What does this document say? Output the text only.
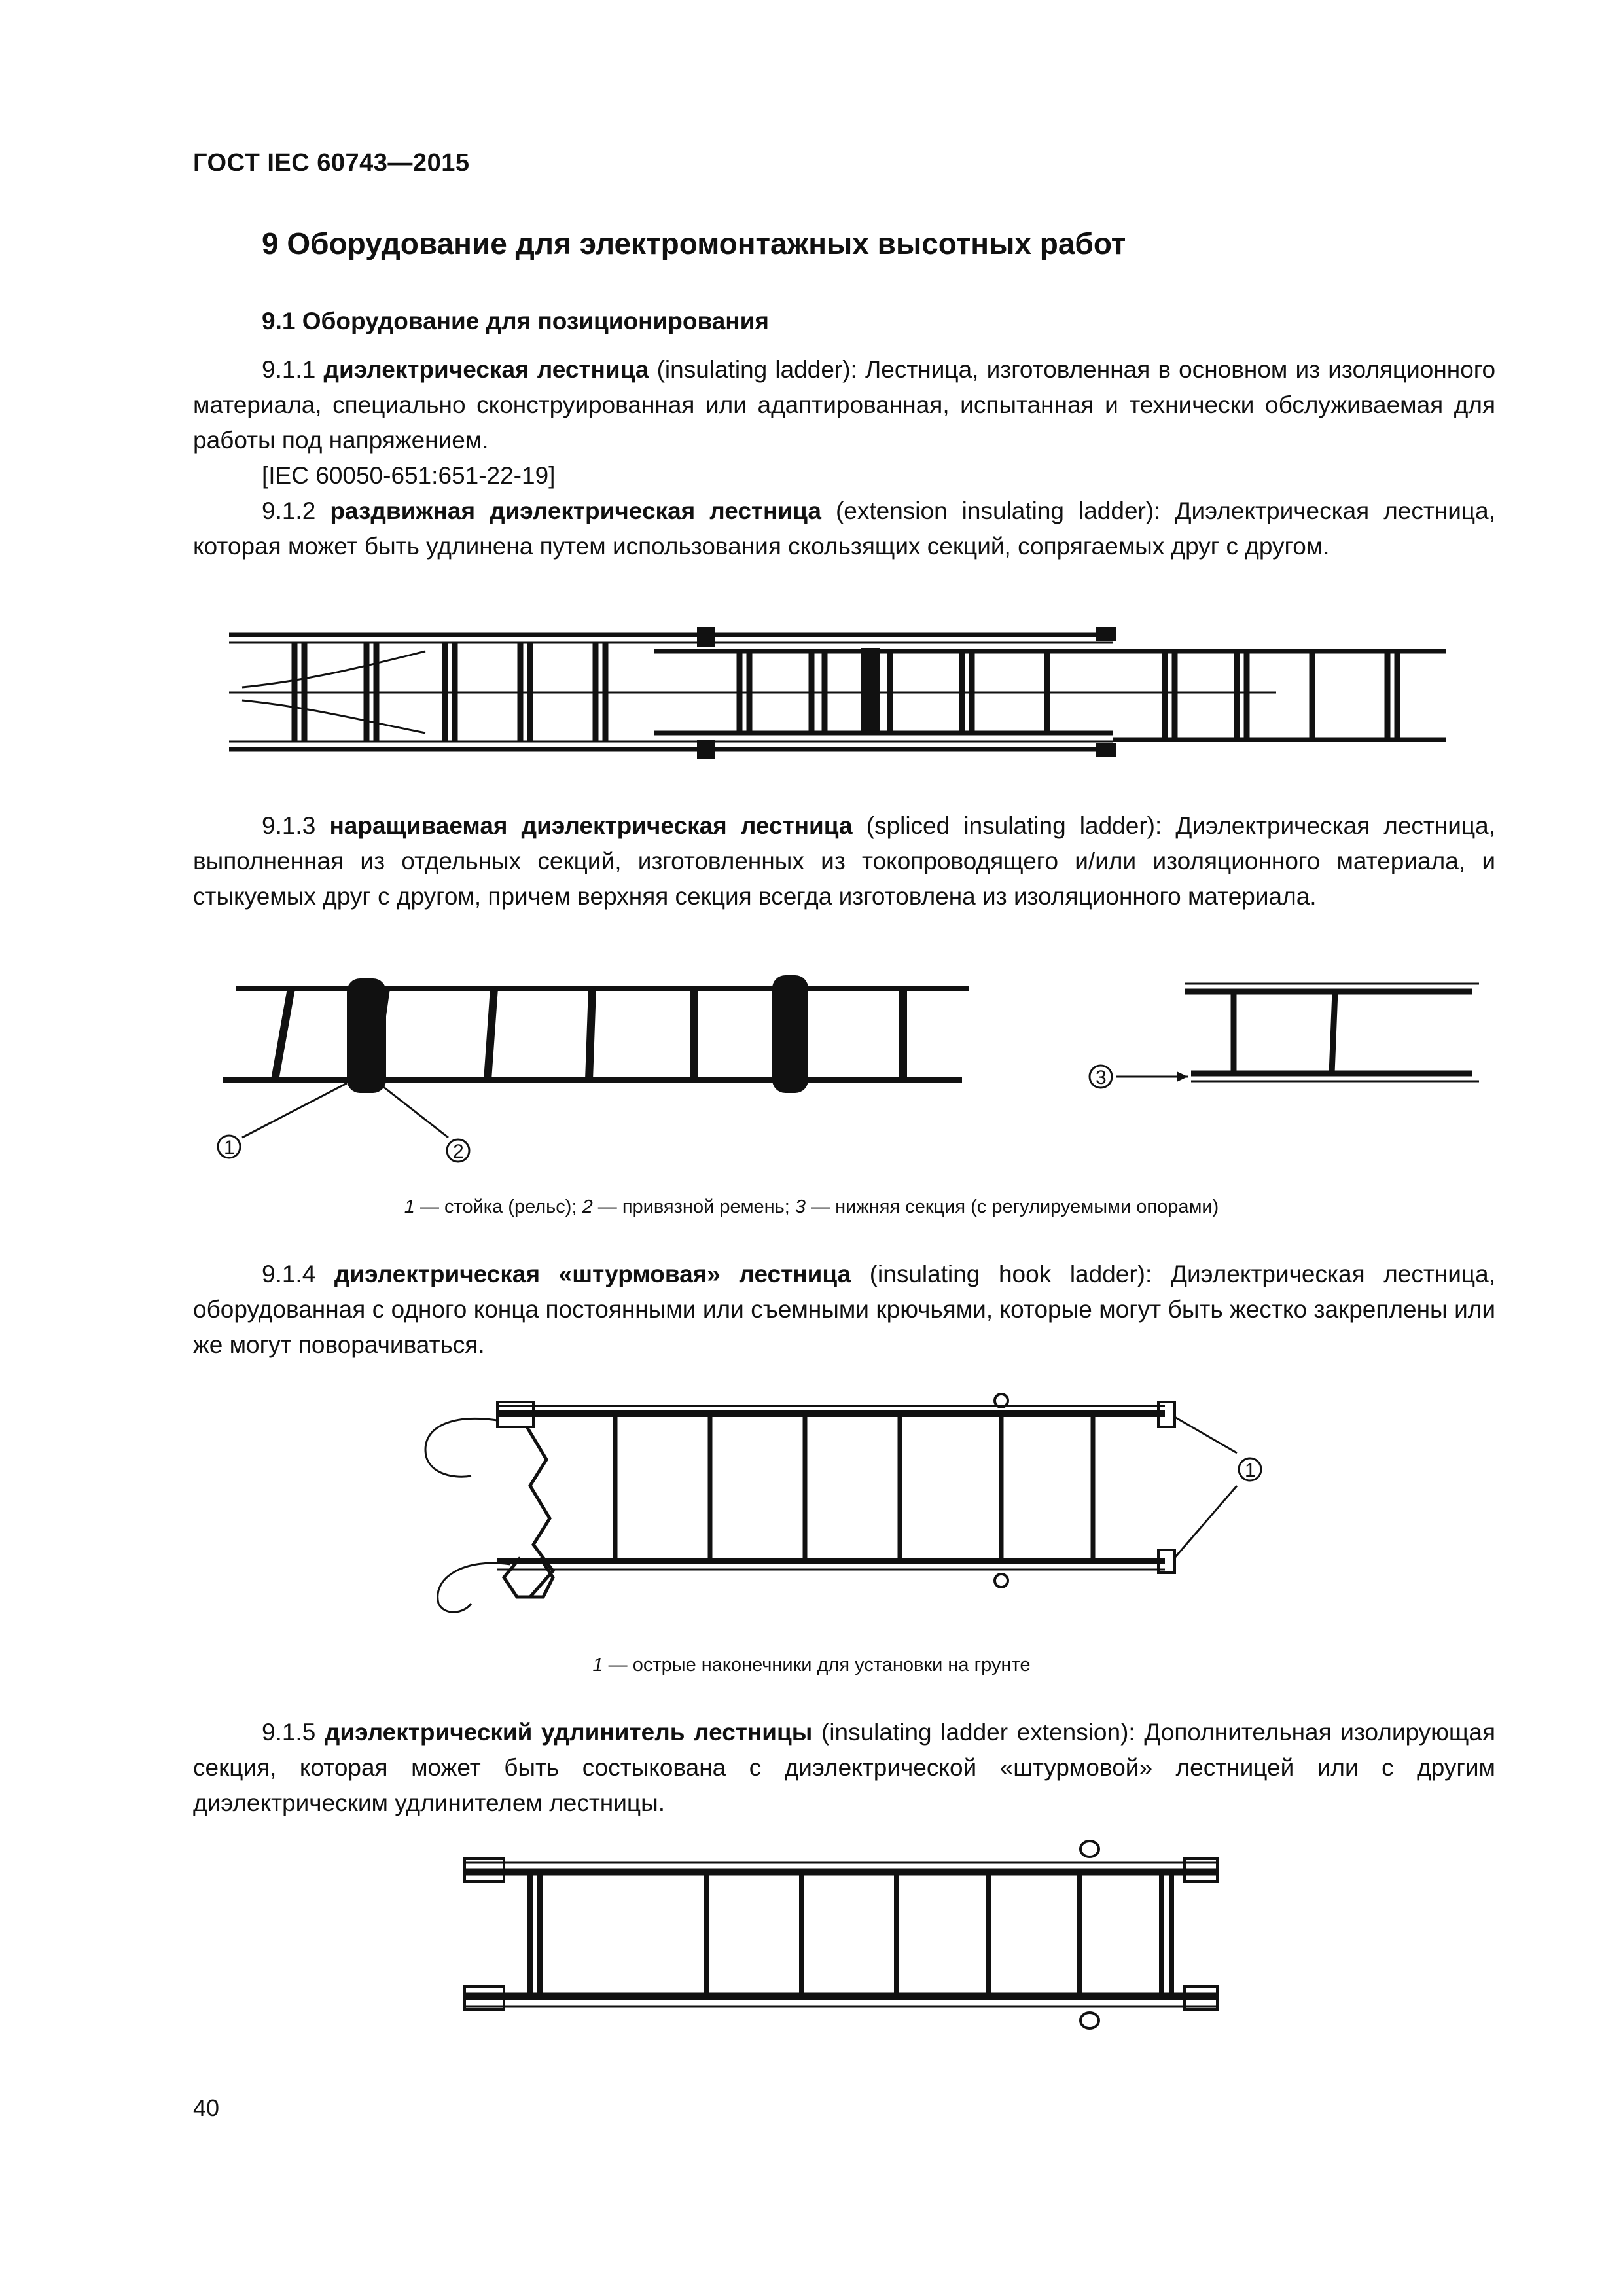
ГОСТ IEC 60743—2015
9 Оборудование для электромонтажных высотных работ
9.1 Оборудование для позиционирования
9.1.1 диэлектрическая лестница (insulating ladder): Лестница, изготовленная в основном из изоляционного материала, специально сконструированная или адаптированная, испытанная и технически обслуживаемая для работы под напряжением.
[IEC 60050-651:651-22-19]
9.1.2 раздвижная диэлектрическая лестница (extension insulating ladder): Диэлектрическая лестница, которая может быть удлинена путем использования скользящих секций, сопрягаемых друг с другом.
9.1.3 наращиваемая диэлектрическая лестница (spliced insulating ladder): Диэлектрическая лестница, выполненная из отдельных секций, изготовленных из токопроводящего и/или изоляционного материала, и стыкуемых друг с другом, причем верхняя секция всегда изготовлена из изоляционного материала.
1	2
3
1 — стойка (рельс); 2 — привязной ремень; 3 — нижняя секция (с регулируемыми опорами)
9.1.4 диэлектрическая «штурмовая» лестница (insulating hook ladder): Диэлектрическая лестница, оборудованная с одного конца постоянными или съемными крючьями, которые могут быть жестко закреплены или же могут поворачиваться.
1
1 — острые наконечники для установки на грунте
9.1.5 диэлектрический удлинитель лестницы (insulating ladder extension): Дополнительная изолирующая секция, которая может быть состыкована с диэлектрической «штурмовой» лестницей или с другим диэлектрическим удлинителем лестницы.
40
